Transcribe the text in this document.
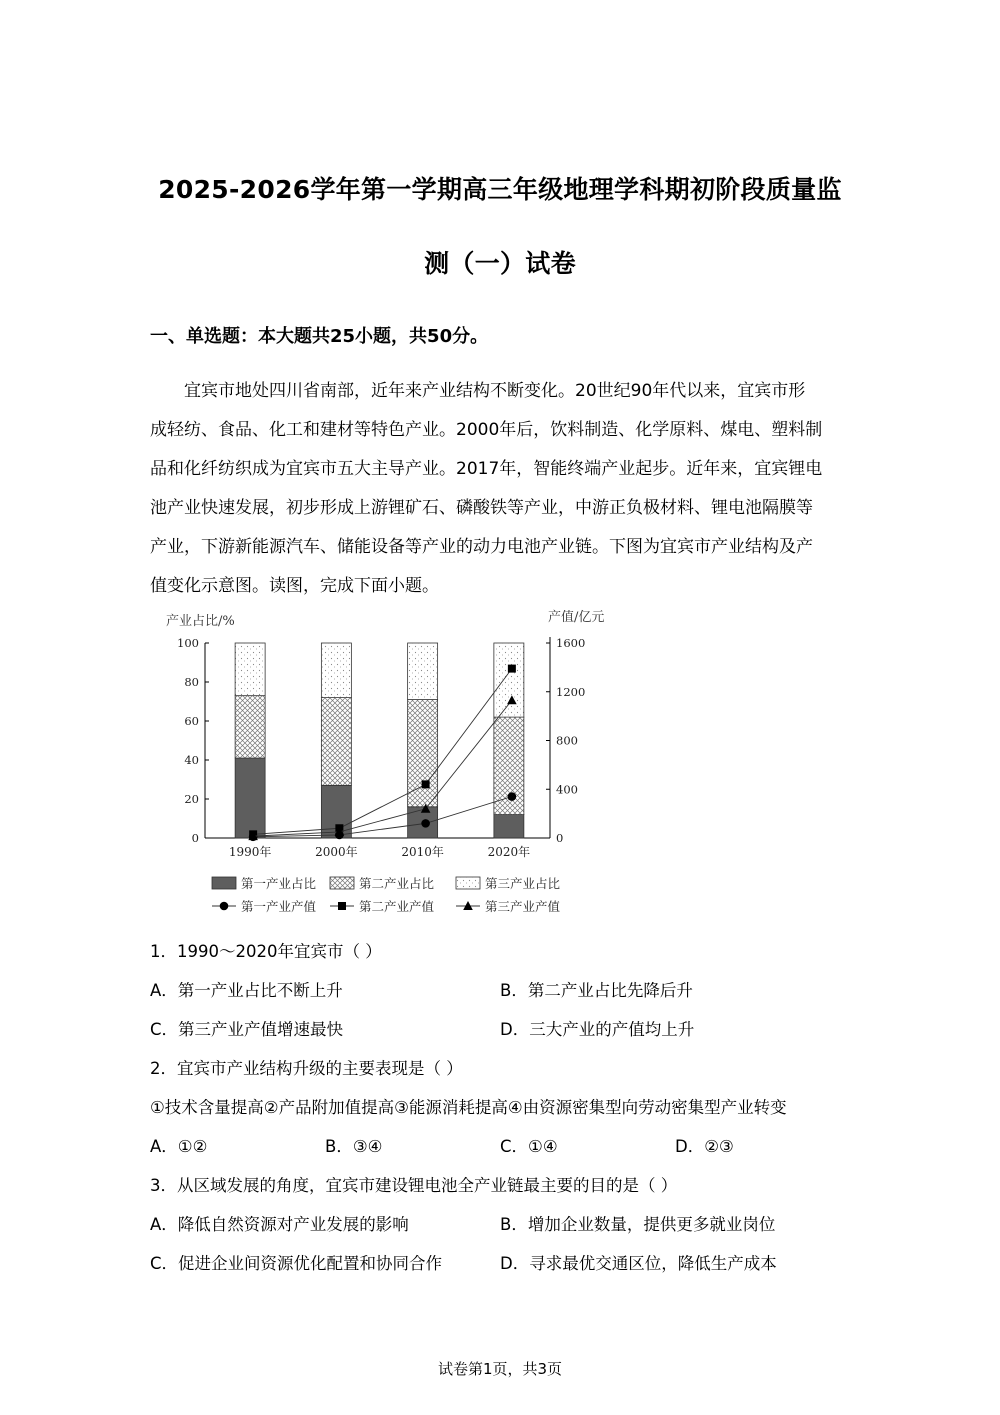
2025-2026学年第一学期高三年级地理学科期初阶段质量监
测（一）试卷
一、单选题：本大题共25小题，共50分。

宜宾市地处四川省南部，近年来产业结构不断变化。20世纪90年代以来，宜宾市形

成轻纺、食品、化工和建材等特色产业。2000年后，饮料制造、化学原料、煤电、塑料制

品和化纤纺织成为宜宾市五大主导产业。2017年，智能终端产业起步。近年来，宜宾锂电

池产业快速发展，初步形成上游锂矿石、磷酸铁等产业，中游正负极材料、锂电池隔膜等

产业，下游新能源汽车、储能设备等产业的动力电池产业链。下图为宜宾市产业结构及产

值变化示意图。读图，完成下面小题。

产业占比/%	产值/亿元
0
20
40
60
80
100
0
400
800
1200
1600
1990年	2000年	2010年	2020年
第一产业占比	第二产业占比	第三产业占比
第一产业产值	第二产业产值	第三产业产值
1．1990～2020年宜宾市（ ）
A．第一产业占比不断上升	B．第二产业占比先降后升
C．第三产业产值增速最快	D．三大产业的产值均上升
2．宜宾市产业结构升级的主要表现是（ ）
①技术含量提高②产品附加值提高③能源消耗提高④由资源密集型向劳动密集型产业转变
A．①②	B．③④	C．①④	D．②③
3．从区域发展的角度，宜宾市建设锂电池全产业链最主要的目的是（ ）
A．降低自然资源对产业发展的影响	B．增加企业数量，提供更多就业岗位
C．促进企业间资源优化配置和协同合作	D．寻求最优交通区位，降低生产成本
试卷第1页，共3页
